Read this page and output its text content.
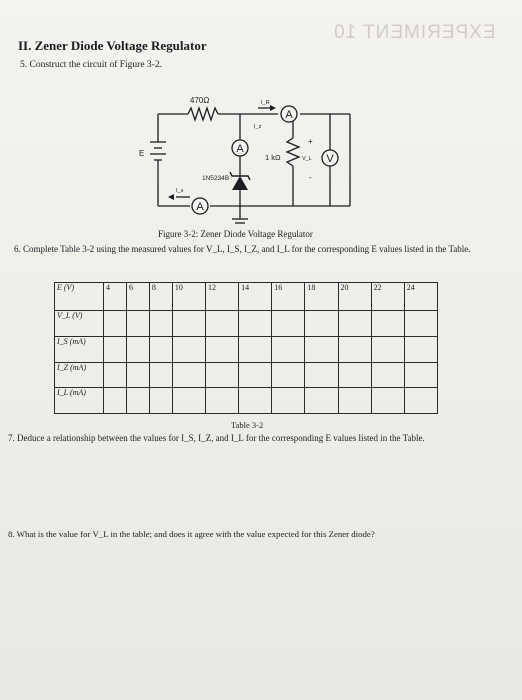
EXPERIMENT 10
II. Zener Diode Voltage Regulator
5. Construct the circuit of Figure 3-2.
A
A
A
V
470Ω
1 kΩ
1N5234B
E
I_R
I_z
I_s
V_L
+
-
Figure 3-2: Zener Diode Voltage Regulator
6. Complete Table 3-2 using the measured values for V_L, I_S, I_Z, and I_L for the corresponding E values listed in the Table.
E (V)	4	6	8	10	12	14	16	18	20	22	24
V_L (V)											
I_S (mA)											
I_Z (mA)											
I_L (mA)											
Table 3-2
7. Deduce a relationship between the values for I_S, I_Z, and I_L for the corresponding E values listed in the Table.
8. What is the value for V_L in the table; and does it agree with the value expected for this Zener diode?
